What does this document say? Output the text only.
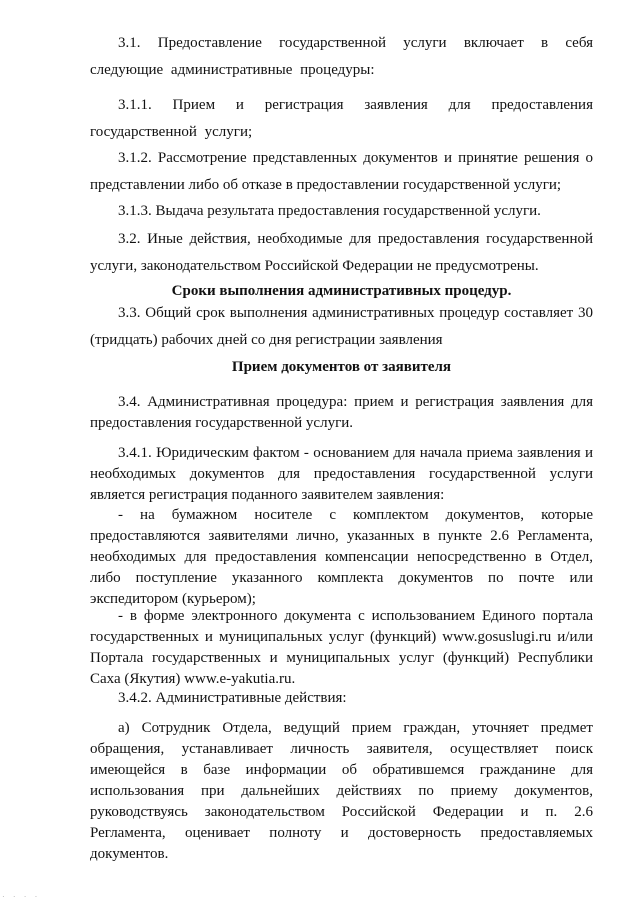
3.1. Предоставление государственной услуги включает в себя следующие административные процедуры:

3.1.1. Прием и регистрация заявления для предоставления государственной услуги;

3.1.2. Рассмотрение представленных документов и принятие решения о представлении либо об отказе в предоставлении государственной услуги;

3.1.3. Выдача результата предоставления государственной услуги.

3.2. Иные действия, необходимые для предоставления государственной услуги, законодательством Российской Федерации не предусмотрены.

Сроки выполнения административных процедур.

3.3. Общий срок выполнения административных процедур составляет 30 (тридцать) рабочих дней со дня регистрации заявления

Прием документов от заявителя

3.4. Административная процедура: прием и регистрация заявления для предоставления государственной услуги.

3.4.1. Юридическим фактом - основанием для начала приема заявления и необходимых документов для предоставления государственной услуги является регистрация поданного заявителем заявления:

- на бумажном носителе с комплектом документов, которые предоставляются заявителями лично, указанных в пункте 2.6 Регламента, необходимых для предоставления компенсации непосредственно в Отдел, либо поступление указанного комплекта документов по почте или экспедитором (курьером);

- в форме электронного документа с использованием Единого портала государственных и муниципальных услуг (функций) www.gosuslugi.ru и/или Портала государственных и муниципальных услуг (функций) Республики Саха (Якутия) www.e-yakutia.ru.

3.4.2. Административные действия:

а) Сотрудник Отдела, ведущий прием граждан, уточняет предмет обращения, устанавливает личность заявителя, осуществляет поиск имеющейся в базе информации об обратившемся гражданине для использования при дальнейших действиях по приему документов, руководствуясь законодательством Российской Федерации и п. 2.6 Регламента, оценивает полноту и достоверность предоставляемых документов.

· · · ·
